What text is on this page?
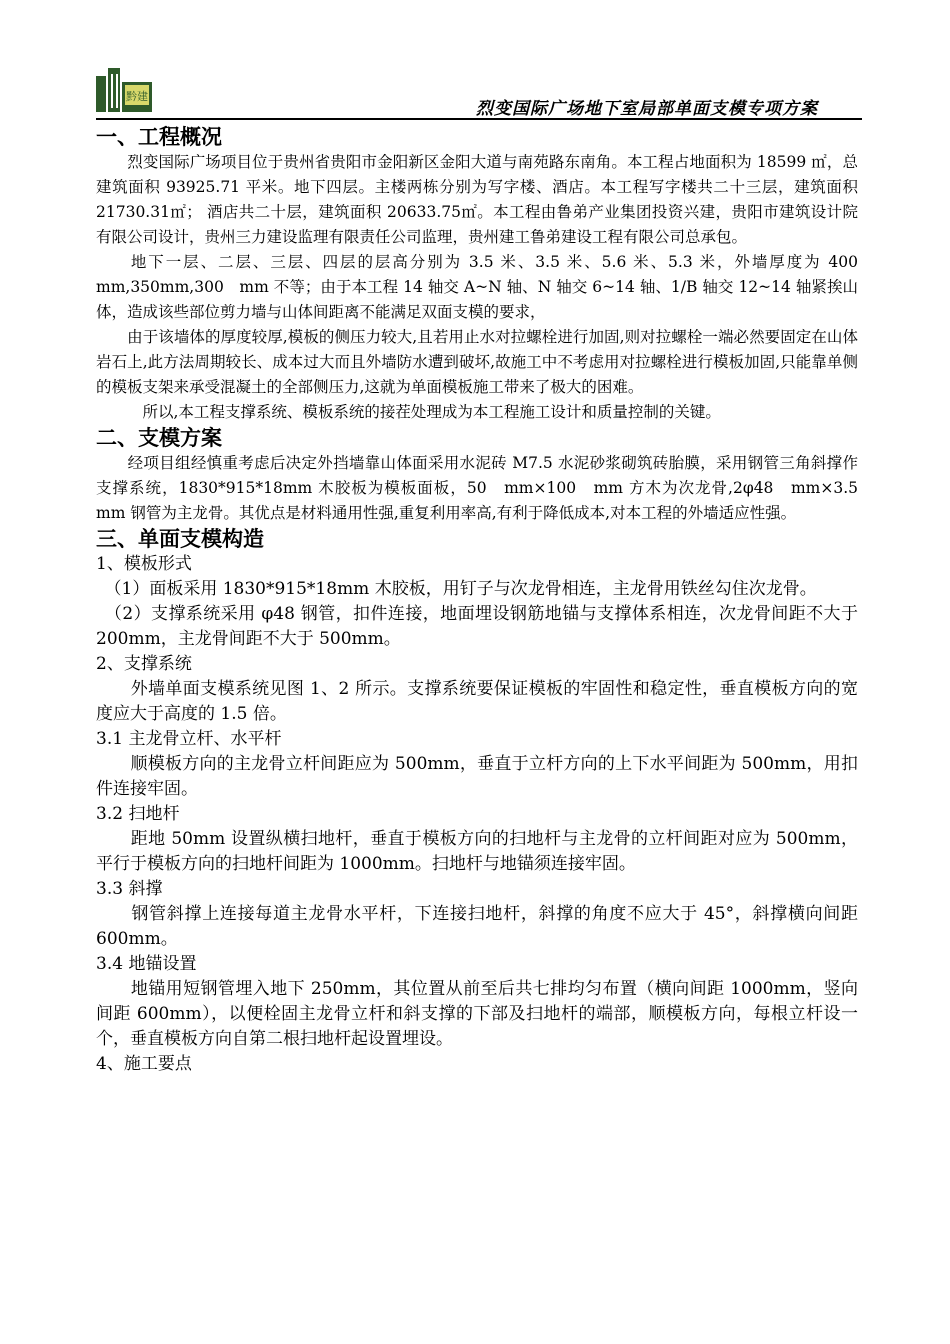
黔建
烈变国际广场地下室局部单面支模专项方案
一、工程概况

　　烈变国际广场项目位于贵州省贵阳市金阳新区金阳大道与南苑路东南角。本工程占地面积为 18599 ㎡，总建筑面积 93925.71 平米。地下四层。主楼两栋分别为写字楼、酒店。本工程写字楼共二十三层，建筑面积 21730.31㎡； 酒店共二十层，建筑面积 20633.75㎡。本工程由鲁弟产业集团投资兴建，贵阳市建筑设计院有限公司设计，贵州三力建设监理有限责任公司监理，贵州建工鲁弟建设工程有限公司总承包。

　　地下一层、二层、三层、四层的层高分别为 3.5 米、3.5 米、5.6 米、5.3 米，外墙厚度为 400　mm,350mm,300　mm 不等；由于本工程 14 轴交 A~N 轴、N 轴交 6~14 轴、1/B 轴交 12~14 轴紧挨山体，造成该些部位剪力墙与山体间距离不能满足双面支模的要求，

　　由于该墙体的厚度较厚,模板的侧压力较大,且若用止水对拉螺栓进行加固,则对拉螺栓一端必然要固定在山体岩石上,此方法周期较长、成本过大而且外墙防水遭到破坏,故施工中不考虑用对拉螺栓进行模板加固,只能靠单侧的模板支架来承受混凝土的全部侧压力,这就为单面模板施工带来了极大的困难。

　　　所以,本工程支撑系统、模板系统的接茬处理成为本工程施工设计和质量控制的关键。

二、支模方案

　　经项目组经慎重考虑后决定外挡墙靠山体面采用水泥砖 M7.5 水泥砂浆砌筑砖胎膜，采用钢管三角斜撑作支撑系统，1830*915*18mm 木胶板为模板面板，50　mm×100　mm 方木为次龙骨,2φ48　mm×3.5　mm 钢管为主龙骨。其优点是材料通用性强,重复利用率高,有利于降低成本,对本工程的外墙适应性强。

三、单面支模构造
1、模板形式

　（1）面板采用 1830*915*18mm 木胶板，用钉子与次龙骨相连，主龙骨用铁丝勾住次龙骨。

　（2）支撑系统采用 φ48 钢管，扣件连接，地面埋设钢筋地锚与支撑体系相连，次龙骨间距不大于 200mm，主龙骨间距不大于 500mm。

2、支撑系统

　　外墙单面支模系统见图 1、2 所示。支撑系统要保证模板的牢固性和稳定性，垂直模板方向的宽度应大于高度的 1.5 倍。

3.1 主龙骨立杆、水平杆

　　顺模板方向的主龙骨立杆间距应为 500mm，垂直于立杆方向的上下水平间距为 500mm，用扣件连接牢固。

3.2 扫地杆

　　距地 50mm 设置纵横扫地杆，垂直于模板方向的扫地杆与主龙骨的立杆间距对应为 500mm，平行于模板方向的扫地杆间距为 1000mm。扫地杆与地锚须连接牢固。

3.3 斜撑

　　钢管斜撑上连接每道主龙骨水平杆，下连接扫地杆，斜撑的角度不应大于 45°，斜撑横向间距 600mm。

3.4 地锚设置

　　地锚用短钢管埋入地下 250mm，其位置从前至后共七排均匀布置（横向间距 1000mm，竖向间距 600mm），以便栓固主龙骨立杆和斜支撑的下部及扫地杆的端部，顺模板方向，每根立杆设一个，垂直模板方向自第二根扫地杆起设置埋设。

4、施工要点
